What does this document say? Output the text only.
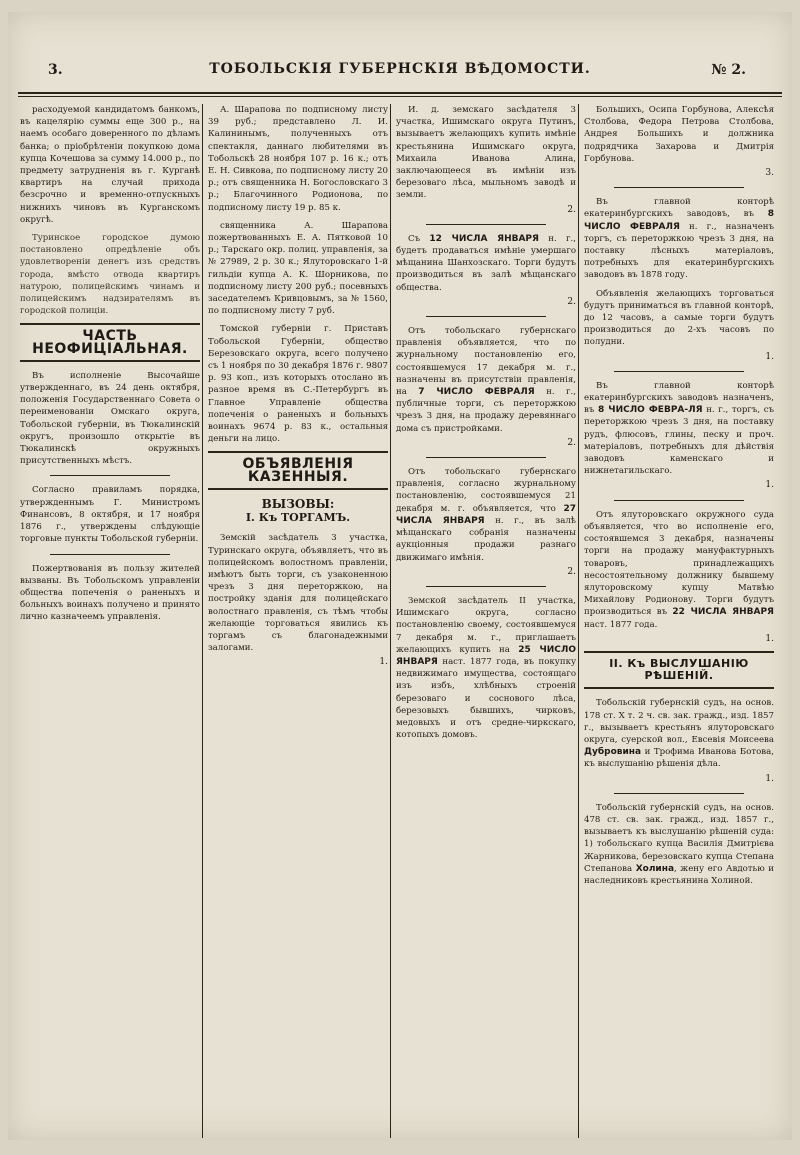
3.	ТОБОЛЬСКІЯ ГУБЕРНСКІЯ ВѢДОМОСТИ.	№ 2.

расходуемой кандидатомъ банкомъ, въ кацелярію суммы еще 300 р., на наемъ особаго доверенного по дѣламъ банка; о пріобрѣтеніи покупкою дома купца Кочешова за сумму 14.000 р., по предмету затрудненія въ г. Курганѣ квартиръ на случай прихода безсрочно и временно-отпускныхъ нижнихъ чиновъ въ Курганскомъ округѣ.

Туринское городское думою постановлено опредѣленіе объ удовлетвореніи денегъ изъ средствъ города, вмѣсто отвода квартиръ натурою, полицейскимъ чинамъ и полицейскимъ надзирателямъ въ городской полиціи.

ЧАСТЬ НЕОФИЦІАЛЬНАЯ.

Въ исполненіе Высочайше утвержденнаго, въ 24 день октября, положенія Государственнаго Совета о переименованіи Омскаго округа, Тобольской губерніи, въ Тюкалинскій округъ, произошло открытіе въ Тюкалинскѣ окружныхъ присутственныхъ мѣстъ.

Согласно правиламъ порядка, утвержденнымъ Г. Министромъ Финансовъ, 8 октября, и 17 ноября 1876 г., утверждены слѣдующіе торговые пункты Тобольской губерніи.

Пожертвованія въ пользу жителей вызваны. Въ Тобольскомъ управленіи общества попеченія о раненыхъ и больныхъ воинахъ получено и принято лично казначеемъ управленія.

А. Шарапова по подписному листу 39 руб.; представлено Л. И. Калининымъ, полученныхъ отъ спектакля, даннаго любителями въ Тобольскѣ 28 ноября 107 р. 16 к.; отъ Е. Н. Сивкова, по подписному листу 20 р.; отъ священника Н. Богословскаго 3 р.; Благочинного Родионова, по подписному листу 19 р. 85 к.

священника А. Шарапова пожертвованныхъ Е. А. Пятковой 10 р.; Тарскаго окр. полиц. управленія, за № 27989, 2 р. 30 к.; Ялуторовскаго 1-й гильдіи купца А. К. Шорникова, по подписному листу 200 руб.; посевныхъ заседателемъ Кривцовымъ, за № 1560, по подписному листу 7 руб.

Томской губерніи г. Приставъ Тобольской Губерніи, общество Березовскаго округа, всего получено съ 1 ноября по 30 декабря 1876 г. 9807 р. 93 коп., изъ которыхъ отослано въ разное время въ С.-Петербургъ въ Главное Управленіе общества попеченія о раненыхъ и больныхъ воинахъ 9674 р. 83 к., остальныя деньги на лицо.

ОБЪЯВЛЕНІЯ КАЗЕННЫЯ.
ВЫЗОВЫ:
I. Къ ТОРГАМЪ.

Земскій засѣдатель 3 участка, Туринскаго округа, объявляетъ, что въ полицейскомъ волостномъ правленіи, имѣютъ быть торги, съ узаконенною чрезъ 3 дня переторжкою, на постройку зданія для полицейскаго волостнаго правленія, съ тѣмъ чтобы желающіе торговаться явились къ торгамъ съ благонадежными залогами.

1.

И. д. земскаго засѣдателя 3 участка, Ишимскаго округа Путинъ, вызываетъ желающихъ купить имѣніе крестьянина Ишимскаго округа, Михаила Иванова Алина, заключающееся въ имѣніи изъ березоваго лѣса, мыльномъ заводѣ и земли.

2.

Съ 12 ЧИСЛА ЯНВАРЯ н. г., будетъ продаваться имѣніе умершаго мѣщанина Шанхозскаго. Торги будутъ производиться въ залѣ мѣщанскаго общества.

2.

Отъ тобольскаго губернскаго правленія объявляется, что по журнальному постановленію его, состоявшемуся 17 декабря м. г., назначены въ присутствіи правленія, на 7 ЧИСЛО ФЕВРАЛЯ н. г., публичные торги, съ переторжкою чрезъ 3 дня, на продажу деревяннаго дома съ пристройками.

2.

Отъ тобольскаго губернскаго правленія, согласно журнальному постановленію, состоявшемуся 21 декабря м. г. объявляется, что 27 ЧИСЛА ЯНВАРЯ н. г., въ залѣ мѣщанскаго собранія назначены аукціонныя продажи разнаго движимаго имѣнія.

2.

Земской засѣдатель II участка, Ишимскаго округа, согласно постановленію своему, состоявшемуся 7 декабря м. г., приглашаетъ желающихъ купить на 25 ЧИСЛО ЯНВАРЯ наст. 1877 года, въ покупку недвижимаго имущества, состоящаго изъ избъ, хлѣбныхъ строеній березоваго и соснового лѣса, березовыхъ бывшихъ, чирковъ, медовыхъ и отъ средне-чиркскаго, котопыхъ домовъ.

Большихъ, Осипа Горбунова, Алексѣя Столбова, Федора Петрова Столбова, Андрея Большихъ и должника подрядчика Захарова и Дмитрія Горбунова.

3.

Въ главной конторѣ екатеринбургскихъ заводовъ, въ 8 ЧИСЛО ФЕВРАЛЯ н. г., назначенъ торгъ, съ переторжкою чрезъ 3 дня, на поставку лѣсныхъ матеріаловъ, потребныхъ для екатеринбургскихъ заводовъ въ 1878 году.

Объявленія желающихъ торговаться будутъ приниматься въ главной конторѣ, до 12 часовъ, а самые торги будутъ производиться до 2-хъ часовъ по полудни.

1.

Въ главной конторѣ екатеринбургскихъ заводовъ назначенъ, въ 8 ЧИСЛО ФЕВРА-ЛЯ н. г., торгъ, съ переторжкою чрезъ 3 дня, на поставку рудъ, флюсовъ, глины, песку и проч. матеріаловъ, потребныхъ для дѣйствія заводовъ каменскаго и нижнетагильскаго.

1.

Отъ ялуторовскаго окружного суда объявляется, что во исполненіе его, состоявшемся 3 декабря, назначены торги на продажу мануфактурныхъ товаровъ, принадлежащихъ несостоятельному должнику бывшему ялуторовскому купцу Матвѣю Михайлову Родионову. Торги будутъ производиться въ 22 ЧИСЛА ЯНВАРЯ наст. 1877 года.

1.
II. Къ ВЫСЛУШАНІЮ РѢШЕНІЙ.

Тобольскій губернскій судъ, на основ. 178 ст. Х т. 2 ч. св. зак. гражд., изд. 1857 г., вызываетъ крестьянъ ялуторовскаго округа, суерской вол., Евсевія Моисеева Дубровина и Трофима Иванова Ботова, къ выслушанію рѣшенія дѣла.

1.

Тобольскій губернскій судъ, на основ. 478 ст. св. зак. гражд., изд. 1857 г., вызываетъ къ выслушанію рѣшеній суда: 1) тобольскаго купца Василія Дмитрієва Жарникова, березовскаго купца Степана Степанова Холина, жену его Авдотью и наследниковъ крестьянина Холиной.
